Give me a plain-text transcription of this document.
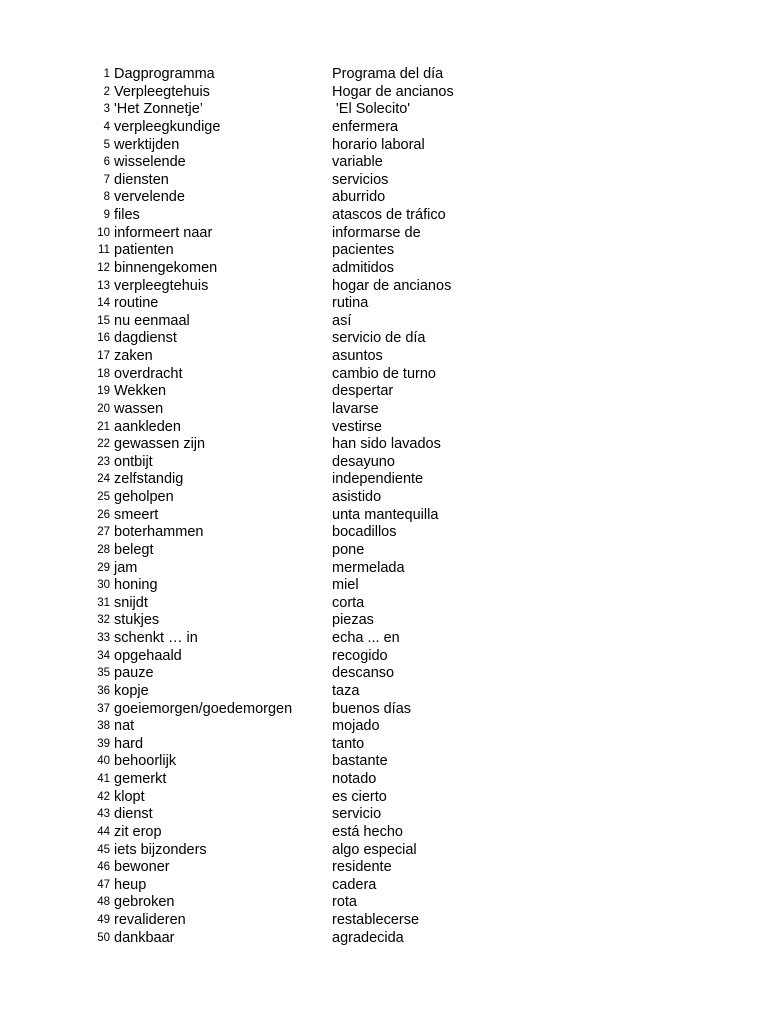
1 Dagprogramma	Programa del día
2 Verpleegtehuis	Hogar de ancianos
3 'Het Zonnetje’	'El Solecito'
4 verpleegkundige	enfermera
5 werktijden	horario laboral
6 wisselende	variable
7 diensten	servicios
8 vervelende	aburrido
9 files	atascos de tráfico
10 informeert naar	informarse de
11 patienten	pacientes
12 binnengekomen	admitidos
13 verpleegtehuis	hogar de ancianos
14 routine	rutina
15 nu eenmaal	así
16 dagdienst	servicio de día
17 zaken	asuntos
18 overdracht	cambio de turno
19 Wekken	despertar
20 wassen	lavarse
21 aankleden	vestirse
22 gewassen zijn	han sido lavados
23 ontbijt	desayuno
24 zelfstandig	independiente
25 geholpen	asistido
26 smeert	unta mantequilla
27 boterhammen	bocadillos
28 belegt	pone
29 jam	mermelada
30 honing	miel
31 snijdt	corta
32 stukjes	piezas
33 schenkt … in	echa ... en
34 opgehaald	recogido
35 pauze	descanso
36 kopje	taza
37 goeiemorgen/goedemorgen	buenos días
38 nat	mojado
39 hard	tanto
40 behoorlijk	bastante
41 gemerkt	notado
42 klopt	es cierto
43 dienst	servicio
44 zit erop	está hecho
45 iets bijzonders	algo especial
46 bewoner	residente
47 heup	cadera
48 gebroken	rota
49 revalideren	restablecerse
50 dankbaar	agradecida
